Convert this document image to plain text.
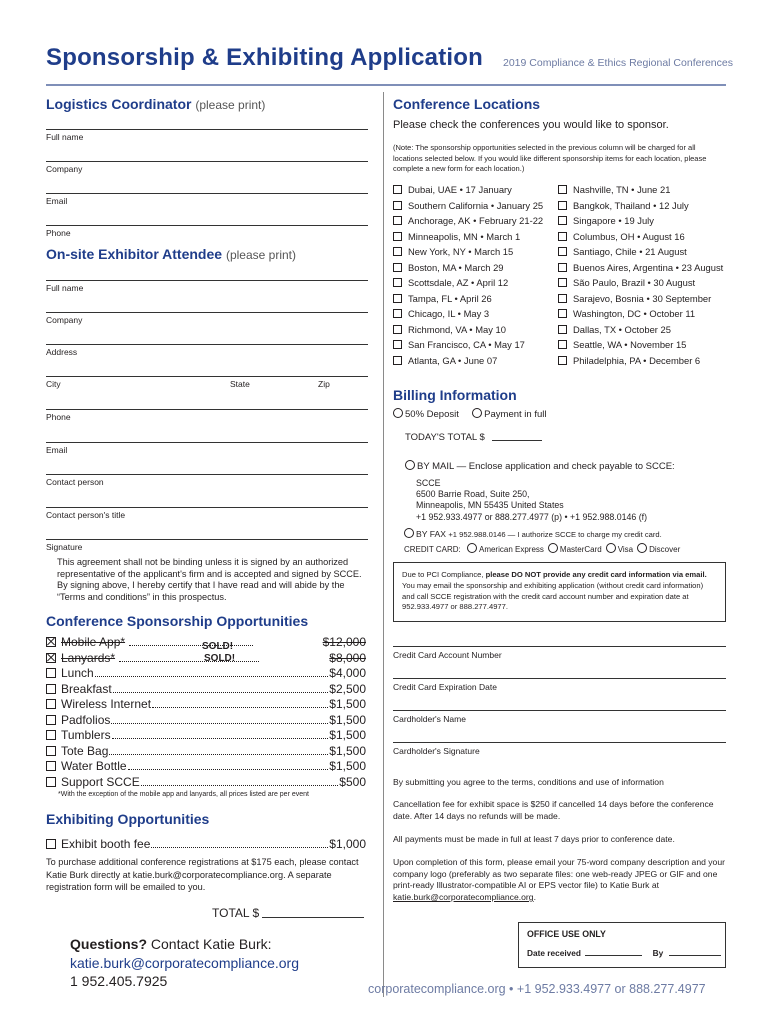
Sponsorship & Exhibiting Application 2019 Compliance & Ethics Regional Conferences
Logistics Coordinator (please print)
Full name
Company
Email
Phone
On-site Exhibitor Attendee (please print)
Full name
Company
Address
City	State	Zip
Phone
Email
Contact person
Contact person's title
Signature
This agreement shall not be binding unless it is signed by an authorized representative of the applicant's firm and is accepted and signed by SCCE. By signing above, I hereby certify that I have read and will abide by the “Terms and conditions” in this prospectus.
Conference Sponsorship Opportunities
Mobile App*	$12,000
Lanyards*	$8,000
Lunch	$4,000
Breakfast	$2,500
Wireless Internet	$1,500
Padfolios	$1,500
Tumblers	$1,500
Tote Bag	$1,500
Water Bottle	$1,500
Support SCCE	$500
SOLD!
SOLD!
*With the exception of the mobile app and lanyards, all prices listed are per event
Exhibiting Opportunities
Exhibit booth fee	$1,000
To purchase additional conference registrations at $175 each, please contact Katie Burk directly at katie.burk@corporatecompliance.org. A separate registration form will be emailed to you.
TOTAL $
Questions? Contact Katie Burk:
katie.burk@corporatecompliance.org
1 952.405.7925
Conference Locations
Please check the conferences you would like to sponsor.
(Note: The sponsorship opportunities selected in the previous column will be charged for all locations selected below. If you would like different sponsorship items for each location, please complete a new form for each location.)
Dubai, UAE • 17 January
Southern California • January 25
Anchorage, AK • February 21-22
Minneapolis, MN • March 1
New York, NY • March 15
Boston, MA • March 29
Scottsdale, AZ • April 12
Tampa, FL • April 26
Chicago, IL • May 3
Richmond, VA • May 10
San Francisco, CA • May 17
Atlanta, GA • June 07
Nashville, TN • June 21
Bangkok, Thailand • 12 July
Singapore • 19 July
Columbus, OH • August 16
Santiago, Chile • 21 August
Buenos Aires, Argentina • 23 August
São Paulo, Brazil • 30 August
Sarajevo, Bosnia • 30 September
Washington, DC • October 11
Dallas, TX • October 25
Seattle, WA • November 15
Philadelphia, PA • December 6
Billing Information
50% Deposit	Payment in full
TODAY'S TOTAL $
BY MAIL — Enclose application and check payable to SCCE:
SCCE
6500 Barrie Road, Suite 250,
Minneapolis, MN 55435 United States
+1 952.933.4977 or 888.277.4977 (p) • +1 952.988.0146 (f)
BY FAX +1 952.988.0146 — I authorize SCCE to charge my credit card.
CREDIT CARD: American Express MasterCard Visa Discover
Due to PCI Compliance, please DO NOT provide any credit card information via email. You may email the sponsorship and exhibiting application (without credit card information) and call SCCE registration with the credit card account number and expiration date at 952.933.4977 or 888.277.4977.
Credit Card Account Number
Credit Card Expiration Date
Cardholder's Name
Cardholder's Signature
By submitting you agree to the terms, conditions and use of information
Cancellation fee for exhibit space is $250 if cancelled 14 days before the conference date. After 14 days no refunds will be made.
All payments must be made in full at least 7 days prior to conference date.
Upon completion of this form, please email your 75-word company description and your company logo (preferably as two separate files: one web-ready JPEG or GIF and one print-ready Illustrator-compatible AI or EPS vector file) to Katie Burk at katie.burk@corporatecompliance.org.
OFFICE USE ONLY
Date received	By
corporatecompliance.org • +1 952.933.4977 or 888.277.4977
